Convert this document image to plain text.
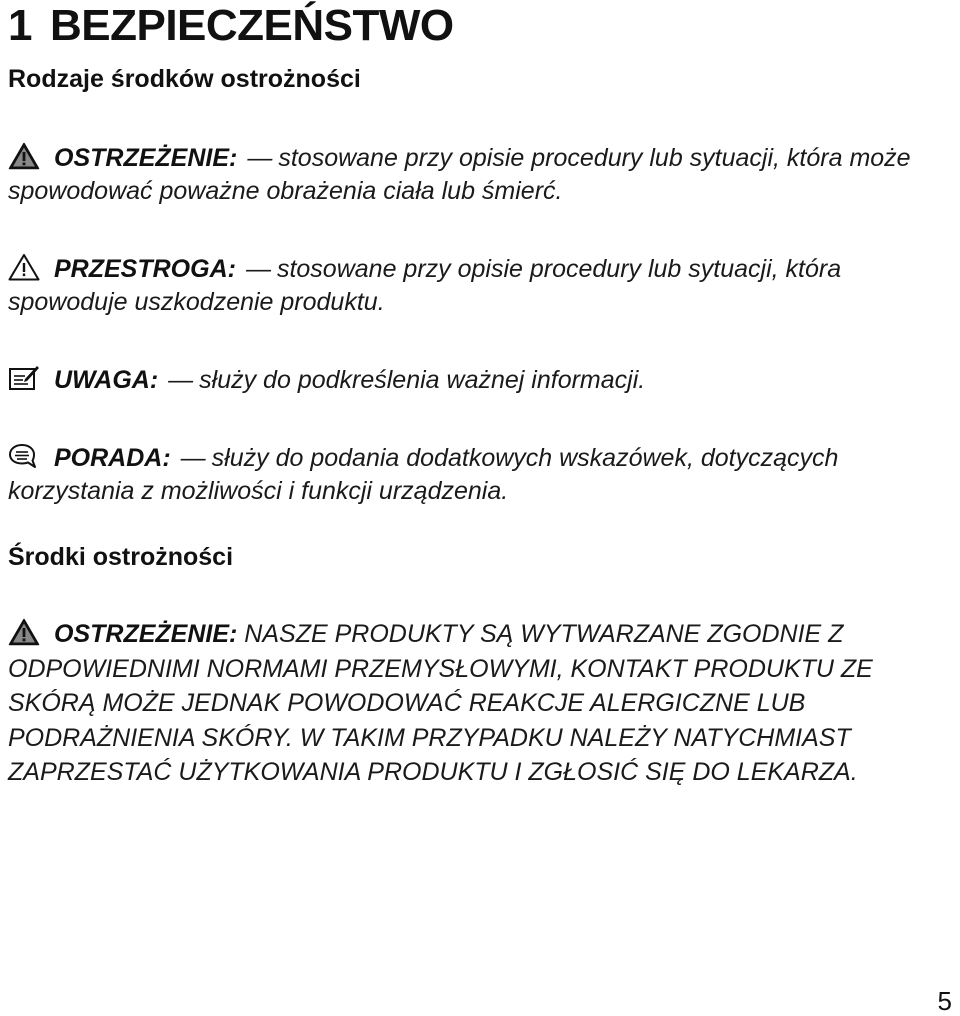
1 BEZPIECZEŃSTWO
Rodzaje środków ostrożności

OSTRZEŻENIE: — stosowane przy opisie procedury lub sytuacji, która może spowodować poważne obrażenia ciała lub śmierć.

PRZESTROGA: — stosowane przy opisie procedury lub sytuacji, która spowoduje uszkodzenie produktu.

UWAGA: — służy do podkreślenia ważnej informacji.

PORADA: — służy do podania dodatkowych wskazówek, dotyczących korzystania z możliwości i funkcji urządzenia.

Środki ostrożności

OSTRZEŻENIE: NASZE PRODUKTY SĄ WYTWARZANE ZGODNIE Z ODPOWIEDNIMI NORMAMI PRZEMYSŁOWYMI, KONTAKT PRODUKTU ZE SKÓRĄ MOŻE JEDNAK POWODOWAĆ REAKCJE ALERGICZNE LUB PODRAŻNIENIA SKÓRY. W TAKIM PRZYPADKU NALEŻY NATYCHMIAST ZAPRZESTAĆ UŻYTKOWANIA PRODUKTU I ZGŁOSIĆ SIĘ DO LEKARZA.

5
